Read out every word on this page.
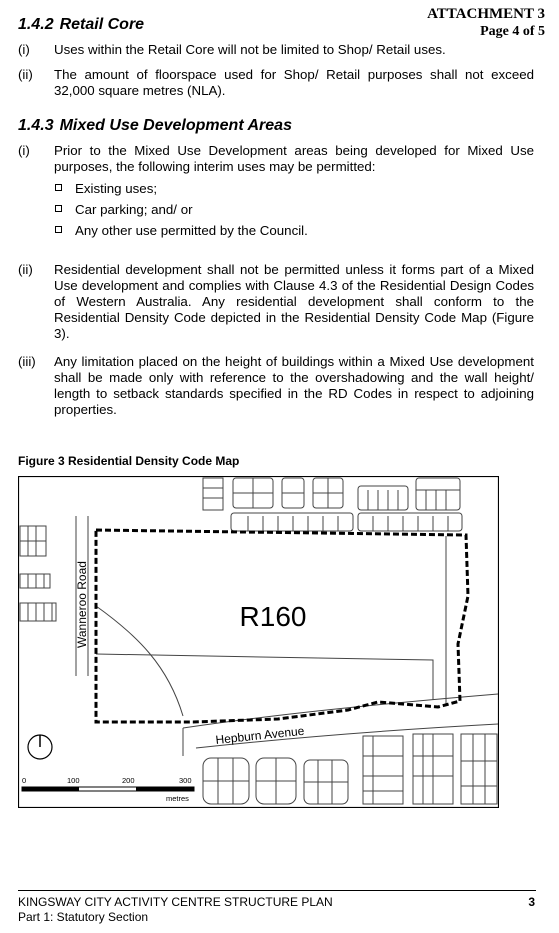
ATTACHMENT 3
Page 4 of 5
1.4.2 Retail Core
(i) Uses within the Retail Core will not be limited to Shop/ Retail uses.
(ii) The amount of floorspace used for Shop/ Retail purposes shall not exceed 32,000 square metres (NLA).
1.4.3 Mixed Use Development Areas
(i) Prior to the Mixed Use Development areas being developed for Mixed Use purposes, the following interim uses may be permitted:
Existing uses;
Car parking; and/ or
Any other use permitted by the Council.
(ii) Residential development shall not be permitted unless it forms part of a Mixed Use development and complies with Clause 4.3 of the Residential Design Codes of Western Australia. Any residential development shall conform to the Residential Density Code depicted in the Residential Density Code Map (Figure 3).
(iii) Any limitation placed on the height of buildings within a Mixed Use development shall be made only with reference to the overshadowing and the wall height/ length to setback standards specified in the RD Codes in respect to adjoining properties.
Figure 3 Residential Density Code Map
R160
Wanneroo Road
Hepburn Avenue
0	100	200	300
metres
KINGSWAY CITY ACTIVITY CENTRE STRUCTURE PLAN
Part 1: Statutory Section
3
